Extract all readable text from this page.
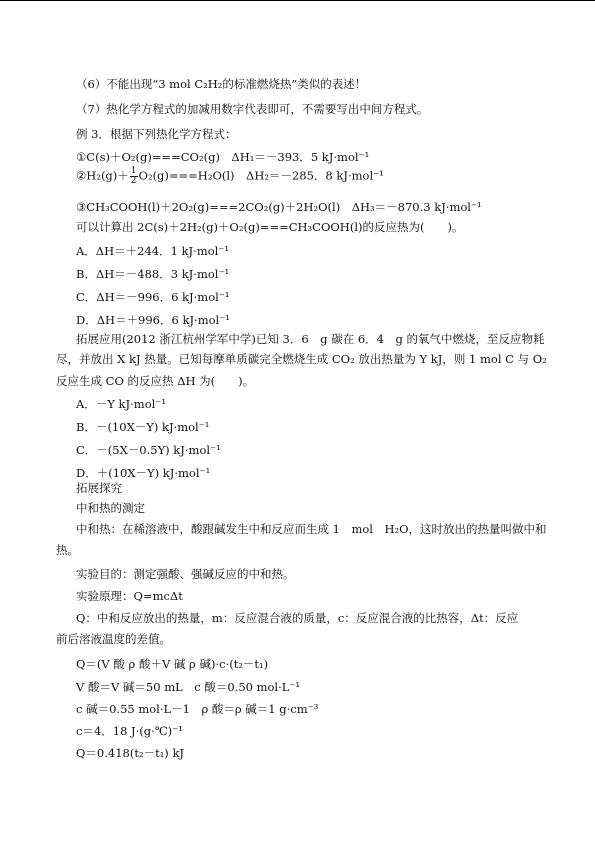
（6）不能出现“3 mol C₂H₂的标准燃烧热”类似的表述！
（7）热化学方程式的加减用数字代表即可，不需要写出中间方程式。
例 3．根据下列热化学方程式：
①C(s)＋O₂(g)===CO₂(g)　ΔH₁＝－393．5 kJ·mol⁻¹
②H₂(g)＋ $\frac{1}{2} O_2(g)===H_2O(l)$　ΔH₂＝－285．8 kJ·mol⁻¹
③CH₃COOH(l)＋2O₂(g)===2CO₂(g)＋2H₂O(l)　ΔH₃＝－870.3 kJ·mol⁻¹
可以计算出 2C(s)＋2H₂(g)＋O₂(g)===CH₃COOH(l)的反应热为(　　)。
A．ΔH＝＋244．1 kJ·mol⁻¹
B．ΔH＝－488．3 kJ·mol⁻¹
C．ΔH＝－996．6 kJ·mol⁻¹
D．ΔH＝＋996．6 kJ·mol⁻¹
拓展应用(2012 浙江杭州学军中学)已知 3．6　g 碳在 6．4　g 的氧气中燃烧，至反应物耗
尽，并放出 X kJ 热量。已知每摩单质碳完全燃烧生成 CO₂ 放出热量为 Y kJ，则 1 mol C 与 O₂
反应生成 CO 的反应热 ΔH 为(　　)。
A．－Y kJ·mol⁻¹
B．－(10X－Y) kJ·mol⁻¹
C．－(5X－0.5Y) kJ·mol⁻¹
D．＋(10X－Y) kJ·mol⁻¹
拓展探究
中和热的测定
中和热：在稀溶液中，酸跟碱发生中和反应而生成 1　mol　H₂O，这时放出的热量叫做中和
热。
实验目的：测定强酸、强碱反应的中和热。
实验原理：Q=mcΔt
Q：中和反应放出的热量，m：反应混合液的质量，c：反应混合液的比热容，Δt：反应
前后溶液温度的差值。
Q＝(V 酸 ρ 酸＋V 碱 ρ 碱)·c·(t₂－t₁)
V 酸＝V 碱＝50 mL　c 酸＝0.50 mol·L⁻¹
c 碱＝0.55 mol·L－1　ρ 酸＝ρ 碱＝1 g·cm⁻³
c＝4．18 J·(g·℃)⁻¹
Q＝0.418(t₂－t₁) kJ
